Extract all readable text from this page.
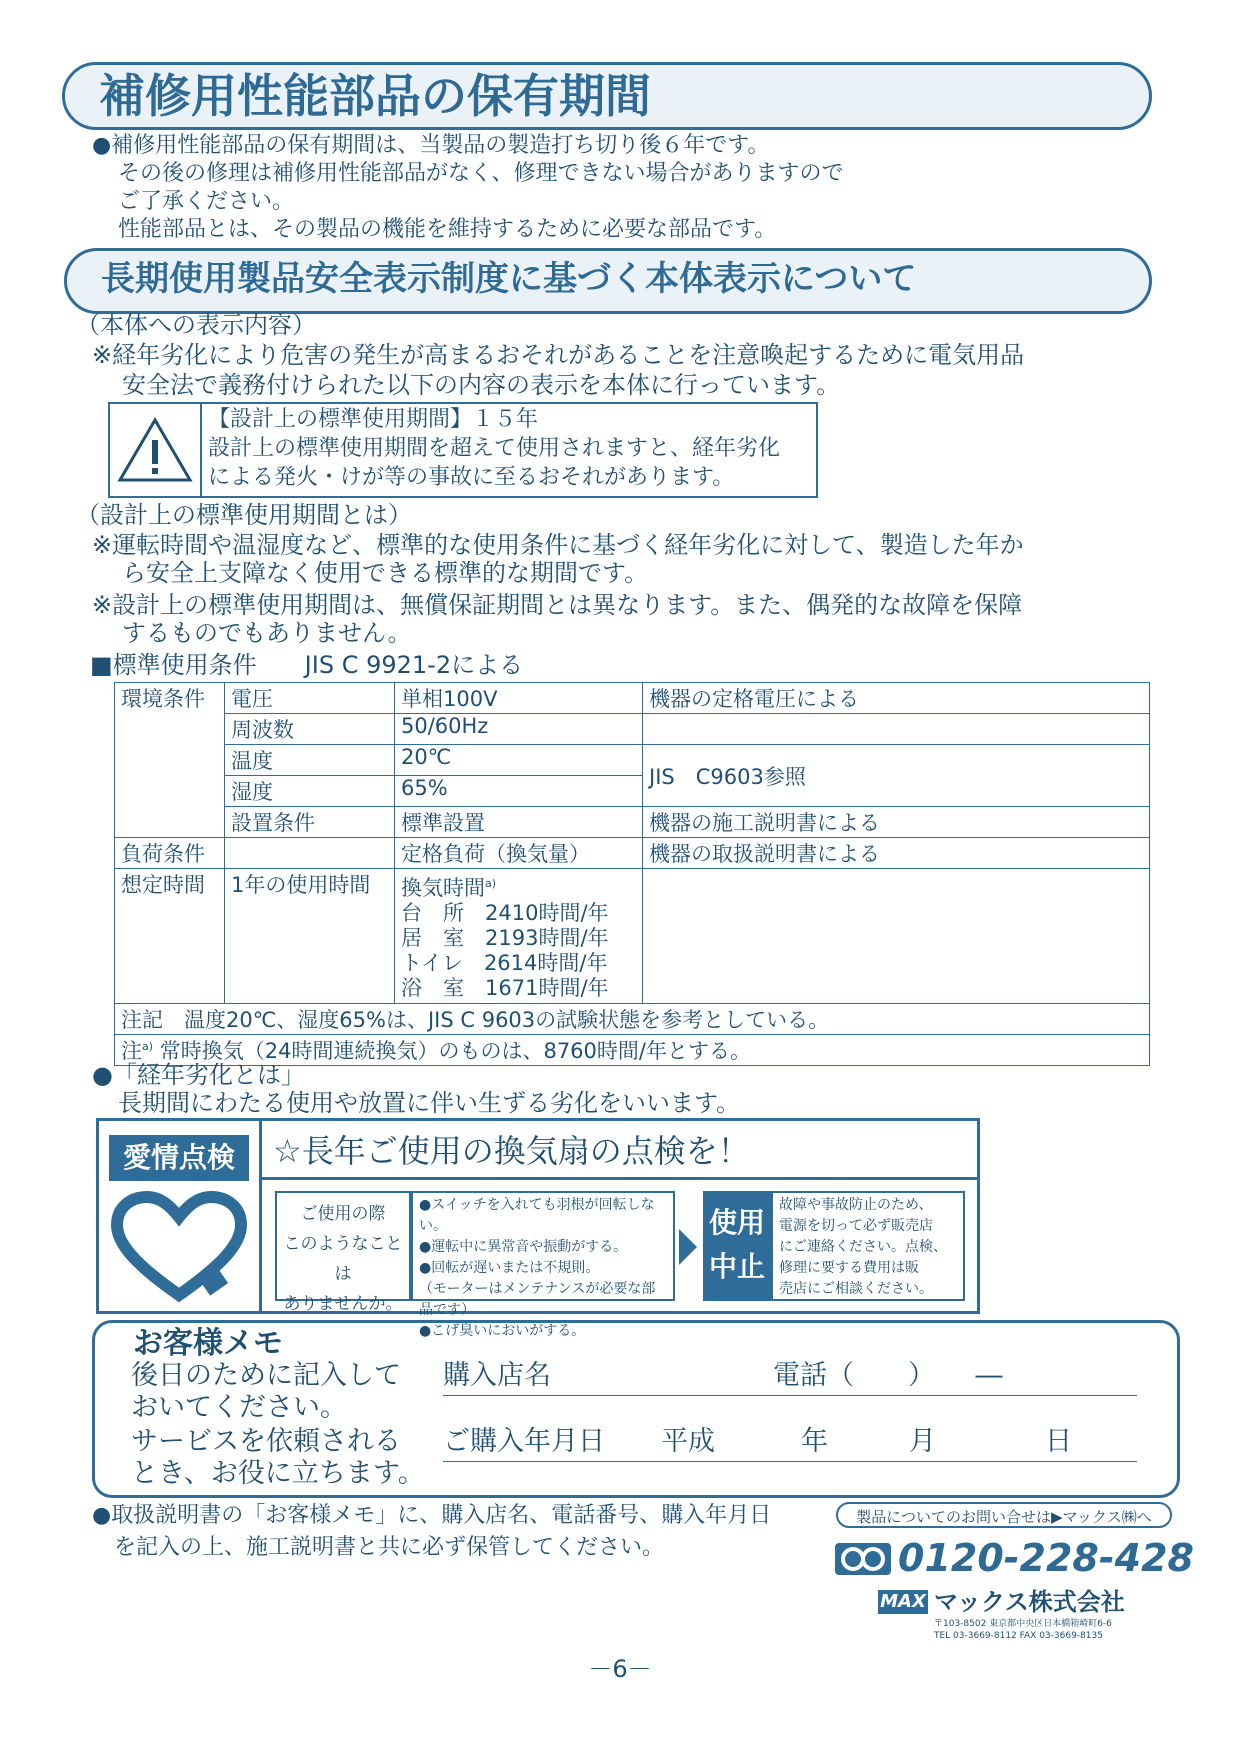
補修用性能部品の保有期間
●補修用性能部品の保有期間は、当製品の製造打ち切り後６年です。
その後の修理は補修用性能部品がなく、修理できない場合がありますので
ご了承ください。
性能部品とは、その製品の機能を維持するために必要な部品です。
長期使用製品安全表示制度に基づく本体表示について
（本体への表示内容）
※経年劣化により危害の発生が高まるおそれがあることを注意喚起するために電気用品
安全法で義務付けられた以下の内容の表示を本体に行っています。
【設計上の標準使用期間】１５年
設計上の標準使用期間を超えて使用されますと、経年劣化
による発火・けが等の事故に至るおそれがあります。
（設計上の標準使用期間とは）
※運転時間や温湿度など、標準的な使用条件に基づく経年劣化に対して、製造した年か
ら安全上支障なく使用できる標準的な期間です。
※設計上の標準使用期間は、無償保証期間とは異なります。また、偶発的な故障を保障
するものでもありません。
■標準使用条件　　JIS C 9921-2による
環境条件	電圧	単相100V	機器の定格電圧による
	周波数	50/60Hz	
	温度	20℃	JIS　C9603参照
	湿度	65%	
	設置条件	標準設置	機器の施工説明書による
負荷条件		定格負荷（換気量）	機器の取扱説明書による
想定時間	1年の使用時間	換気時間$^{a)}$
台　所　2410時間/年
居　室　2193時間/年
トイレ　2614時間/年
浴　室　1671時間/年	

注記　温度20℃、湿度65%は、JIS C 9603の試験状態を参考としている。			
注$^{a)}$ 常時換気（24時間連続換気）のものは、8760時間/年とする。			
●「経年劣化とは」
長期間にわたる使用や放置に伴い生ずる劣化をいいます。
愛情点検	☆長年ご使用の換気扇の点検を！
ご使用の際
このようなことは
ありませんか。
●スイッチを入れても羽根が回転しない。
●運転中に異常音や振動がする。
●回転が遅いまたは不規則。
（モーターはメンテナンスが必要な部品です）
●こげ臭いにおいがする。
使用
中止
故障や事故防止のため、
電源を切って必ず販売店
にご連絡ください。点検、
修理に要する費用は販
売店にご相談ください。
お客様メモ
後日のために記入して
おいてください。
サービスを依頼される
とき、お役に立ちます。
購入店名	電話（　　）　　―
ご購入年月日 平成	年	月	日
●取扱説明書の「お客様メモ」に、購入店名、電話番号、購入年月日
を記入の上、施工説明書と共に必ず保管してください。
製品についてのお問い合せは▶マックス㈱へ
0120-228-428
MAX マックス株式会社
〒103-8502 東京都中央区日本橋箱崎町6-6
TEL 03-3669-8112 FAX 03-3669-8135
－6－
